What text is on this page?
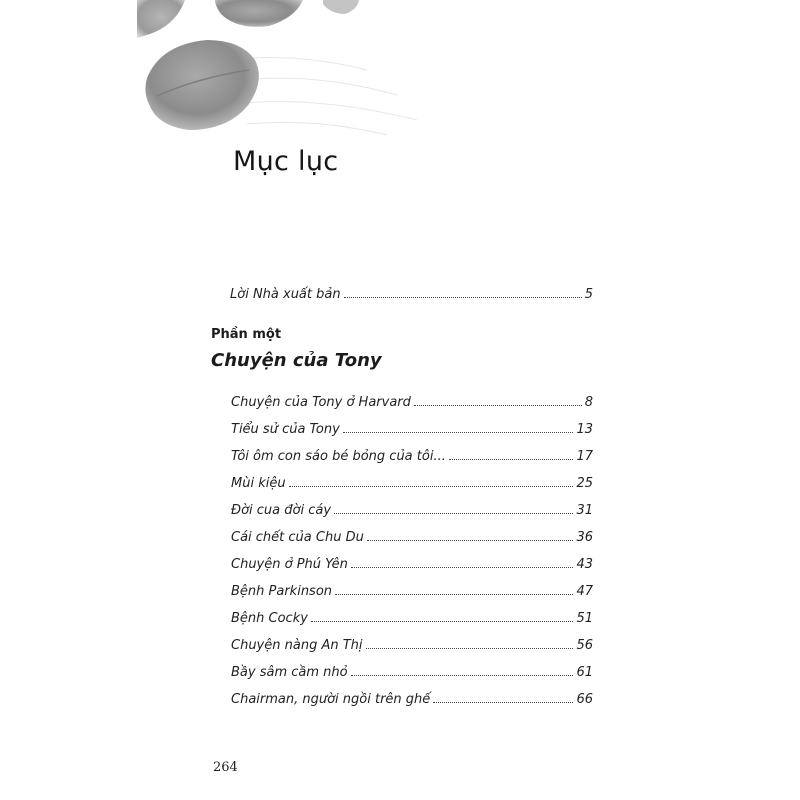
Mục lục
Lời Nhà xuất bản	5
Phần một
Chuyện của Tony
Chuyện của Tony ở Harvard	8
Tiểu sử của Tony	13
Tôi ôm con sáo bé bỏng của tôi...	17
Mùi kiệu	25
Đời cua đời cáy	31
Cái chết của Chu Du	36
Chuyện ở Phú Yên	43
Bệnh Parkinson	47
Bệnh Cocky	51
Chuyện nàng An Thị	56
Bầy sâm cầm nhỏ	61
Chairman, người ngồi trên ghế	66
264
